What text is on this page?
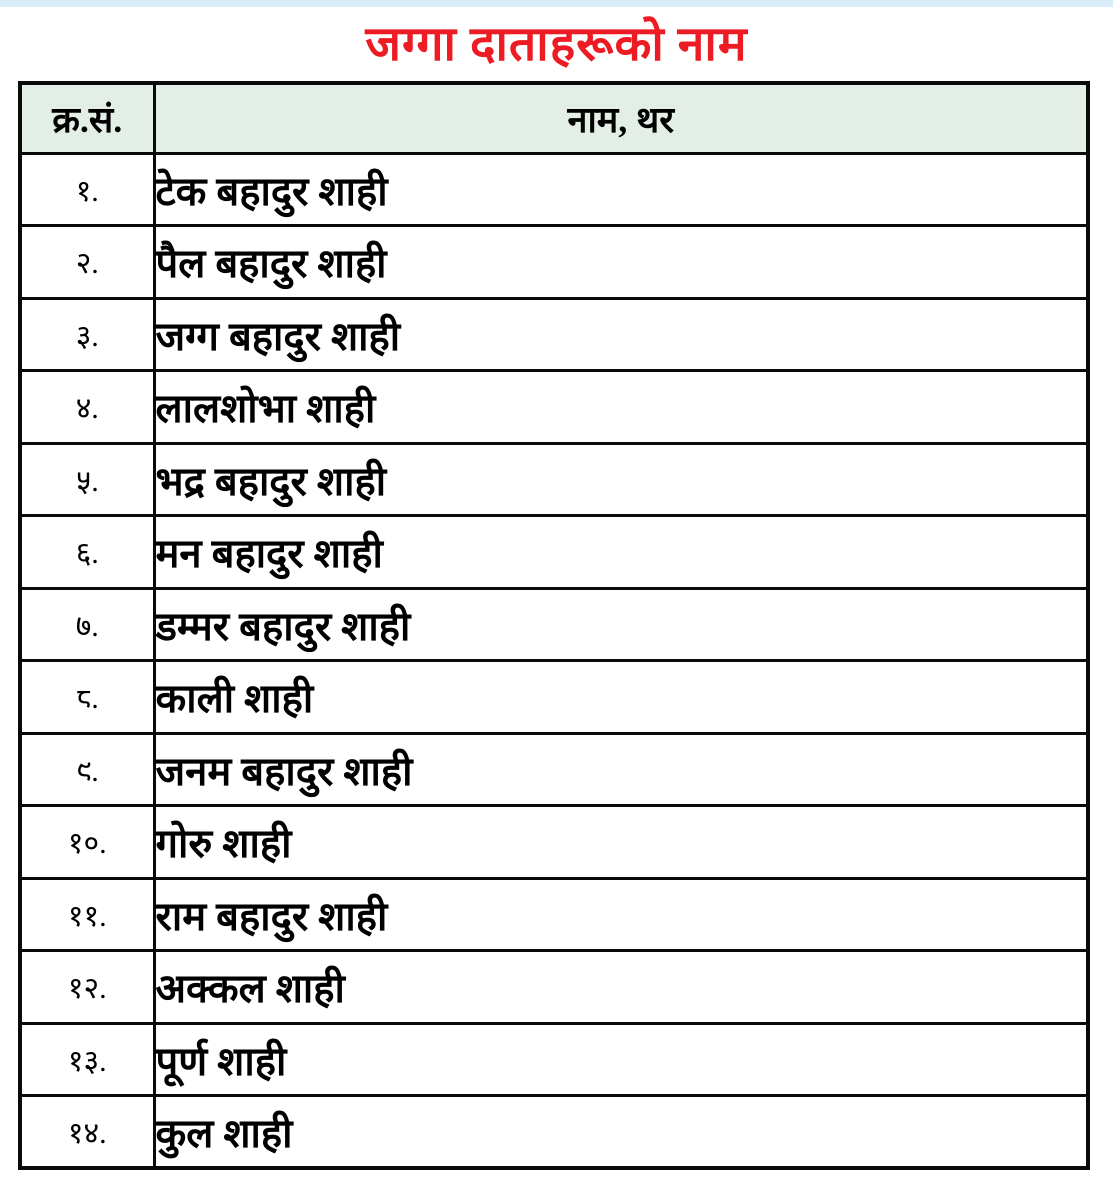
जग्गा दाताहरूको नाम
क्र.सं.	नाम, थर
१.	टेक बहादुर शाही
२.	पैल बहादुर शाही
३.	जग्ग बहादुर शाही
४.	लालशोभा शाही
५.	भद्र बहादुर शाही
६.	मन बहादुर शाही
७.	डम्मर बहादुर शाही
८.	काली शाही
९.	जनम बहादुर शाही
१०.	गोरु शाही
११.	राम बहादुर शाही
१२.	अक्कल शाही
१३.	पूर्ण शाही
१४.	कुल शाही
